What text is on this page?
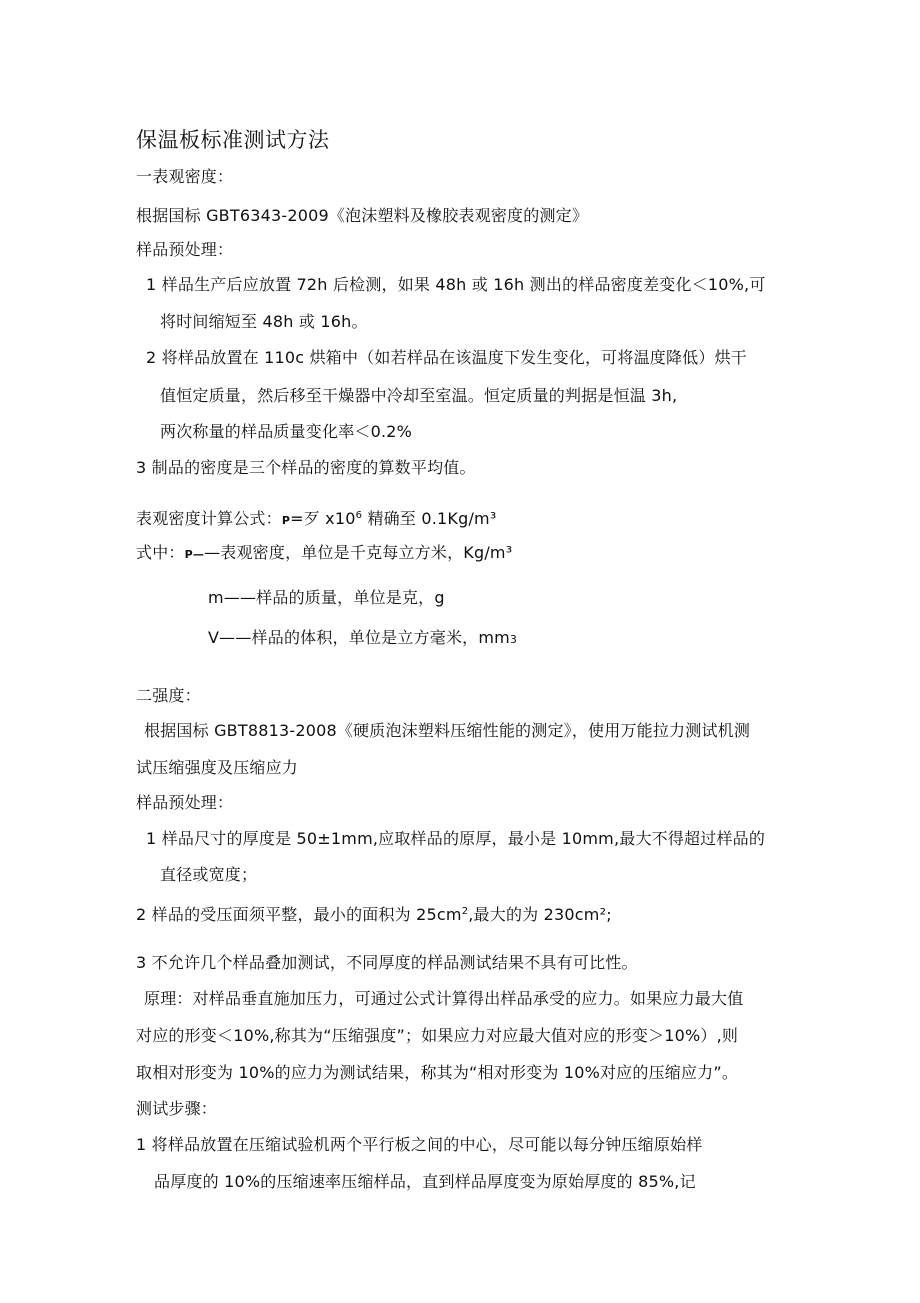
保温板标准测试方法
一表观密度：
根据国标 GBT6343-2009《泡沫塑料及橡胶表观密度的测定》
样品预处理：
1 样品生产后应放置 72h 后检测，如果 48h 或 16h 测出的样品密度差变化＜10%,可
将时间缩短至 48h 或 16h。
2 将样品放置在 110c 烘箱中（如若样品在该温度下发生变化，可将温度降低）烘干
值恒定质量，然后移至干燥器中冷却至室温。恒定质量的判据是恒温 3h,
两次称量的样品质量变化率＜0.2%
3 制品的密度是三个样品的密度的算数平均值。
表观密度计算公式：P=歹 $x10^6$ 精确至 0.1Kg/m³
式中：P——表观密度，单位是千克每立方米，Kg/m³
m——样品的质量，单位是克，g
V——样品的体积，单位是立方毫米，mm3
二强度：
根据国标 GBT8813-2008《硬质泡沫塑料压缩性能的测定》，使用万能拉力测试机测
试压缩强度及压缩应力
样品预处理：
1 样品尺寸的厚度是 50±1mm,应取样品的原厚，最小是 10mm,最大不得超过样品的
直径或宽度；
2 样品的受压面须平整，最小的面积为 $25cm^2$,最大的为 230cm²;
3 不允许几个样品叠加测试，不同厚度的样品测试结果不具有可比性。
原理：对样品垂直施加压力，可通过公式计算得出样品承受的应力。如果应力最大值
对应的形变＜10%,称其为“压缩强度”；如果应力对应最大值对应的形变＞10%）,则
取相对形变为 10%的应力为测试结果，称其为“相对形变为 10%对应的压缩应力”。
测试步骤：
1 将样品放置在压缩试验机两个平行板之间的中心，尽可能以每分钟压缩原始样
品厚度的 10%的压缩速率压缩样品，直到样品厚度变为原始厚度的 85%,记
